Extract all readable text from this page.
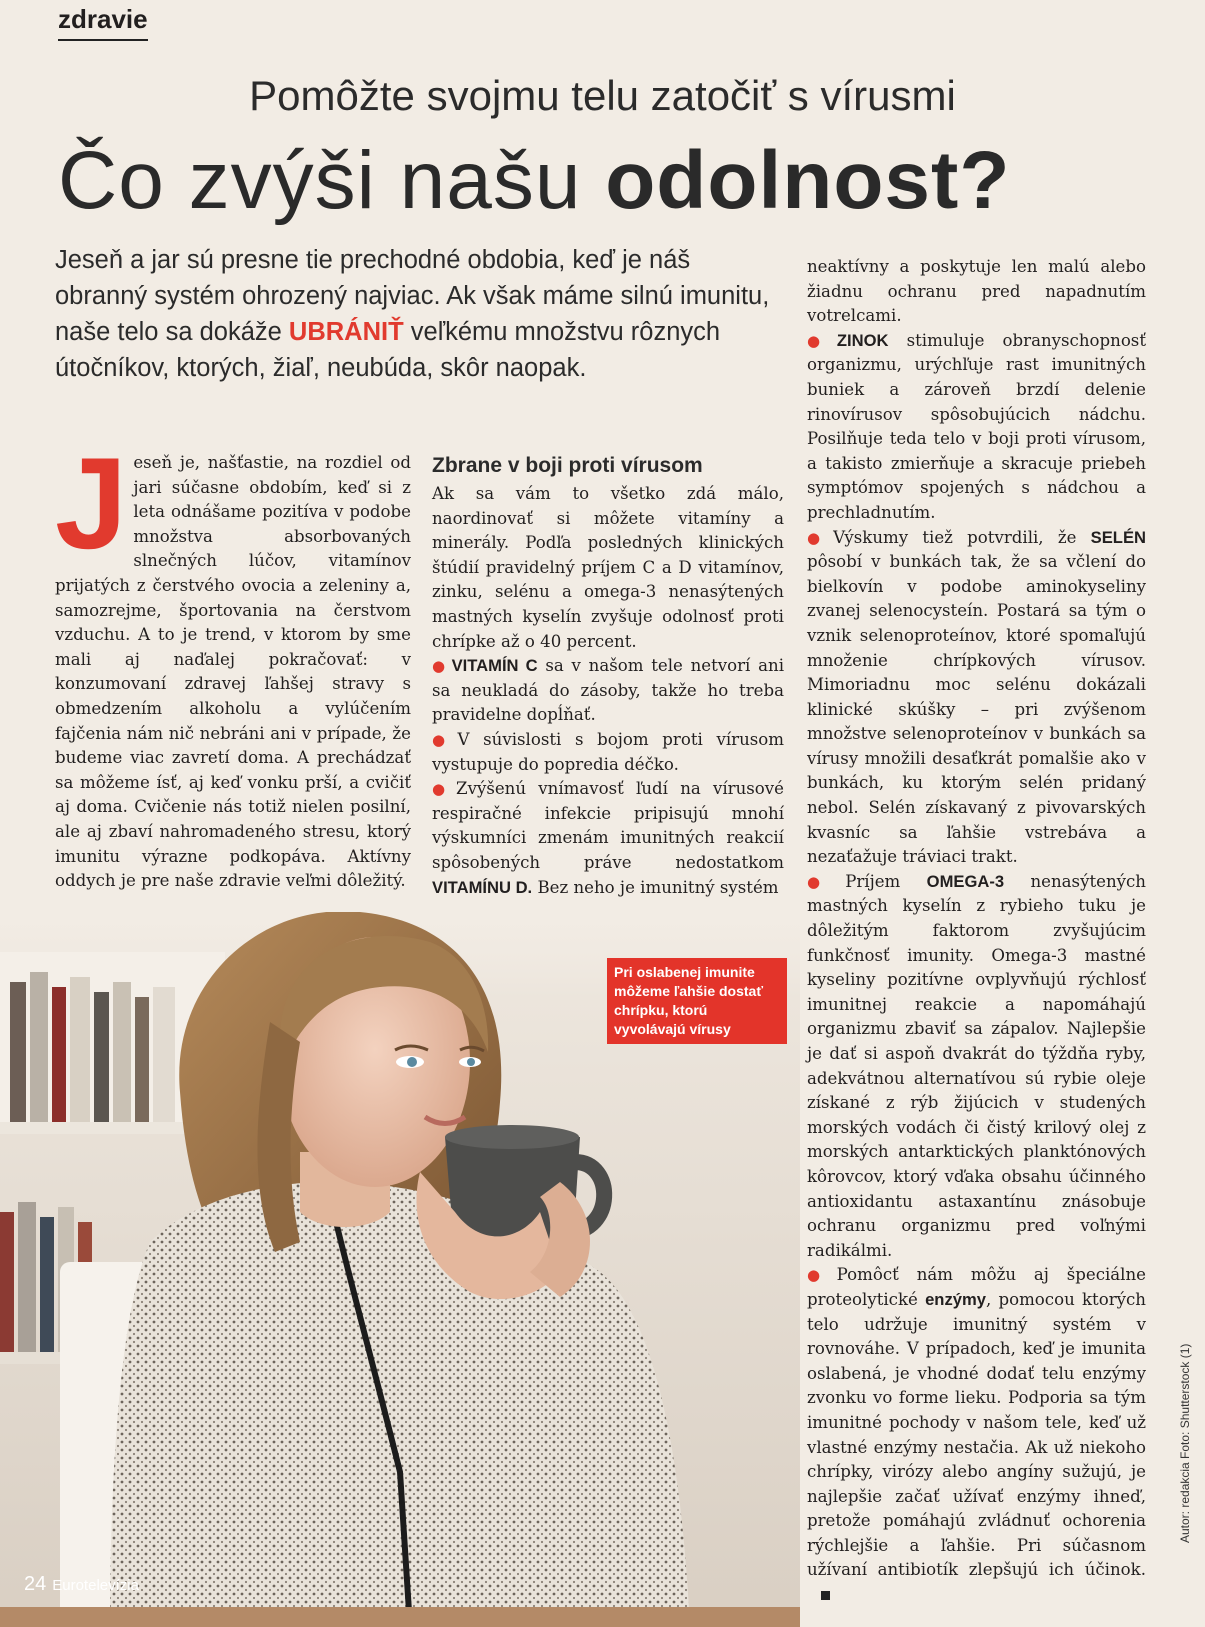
zdravie
Pomôžte svojmu telu zatočiť s vírusmi
Čo zvýši našu odolnost?
Jeseň a jar sú presne tie prechodné obdobia, keď je náš obranný systém ohrozený najviac. Ak však máme silnú imunitu, naše telo sa dokáže UBRÁNIŤ veľkému množstvu rôznych útočníkov, ktorých, žiaľ, neubúda, skôr naopak.

Jeseň je, našťastie, na rozdiel od jari súčasne obdobím, keď si z leta odnášame pozitíva v podobe množstva absorbovaných slnečných lúčov, vitamínov prijatých z čerstvého ovocia a zeleniny a, samozrejme, športovania na čerstvom vzduchu. A to je trend, v ktorom by sme mali aj naďalej pokračovať: v konzumovaní zdravej ľahšej stravy s obmedzením alkoholu a vylúčením fajčenia nám nič nebráni ani v prípade, že budeme viac zavretí doma. A prechádzať sa môžeme ísť, aj keď vonku prší, a cvičiť aj doma. Cvičenie nás totiž nielen posilní, ale aj zbaví nahromadeného stresu, ktorý imunitu výrazne podkopáva. Aktívny oddych je pre naše zdravie veľmi dôležitý.

Zbrane v boji proti vírusom

Ak sa vám to všetko zdá málo, naordinovať si môžete vitamíny a minerály. Podľa posledných klinických štúdií pravidelný príjem C a D vitamínov, zinku, selénu a omega-3 nenasýtených mastných kyselín zvyšuje odolnosť proti chrípke až o 40 percent.

● VITAMÍN C sa v našom tele netvorí ani sa neukladá do zásoby, takže ho treba pravidelne dopĺňať.

● V súvislosti s bojom proti vírusom vystupuje do popredia déčko.

● Zvýšenú vnímavosť ľudí na vírusové respiračné infekcie pripisujú mnohí výskumníci zmenám imunitných reakcií spôsobených práve nedostatkom VITAMÍNU D. Bez neho je imunitný systém

neaktívny a poskytuje len malú alebo žiadnu ochranu pred napadnutím votrelcami.

● ZINOK stimuluje obranyschopnosť organizmu, urýchľuje rast imunitných buniek a zároveň brzdí delenie rinovírusov spôsobujúcich nádchu. Posilňuje teda telo v boji proti vírusom, a takisto zmierňuje a skracuje priebeh symptómov spojených s nádchou a prechladnutím.

● Výskumy tiež potvrdili, že SELÉN pôsobí v bunkách tak, že sa včlení do bielkovín v podobe aminokyseliny zvanej selenocysteín. Postará sa tým o vznik selenoproteínov, ktoré spomaľujú množenie chrípkových vírusov. Mimoriadnu moc selénu dokázali klinické skúšky – pri zvýšenom množstve selenoproteínov v bunkách sa vírusy množili desaťkrát pomalšie ako v bunkách, ku ktorým selén pridaný nebol. Selén získavaný z pivovarských kvasníc sa ľahšie vstrebáva a nezaťažuje tráviaci trakt.

● Príjem OMEGA-3 nenasýtených mastných kyselín z rybieho tuku je dôležitým faktorom zvyšujúcim funkčnosť imunity. Omega-3 mastné kyseliny pozitívne ovplyvňujú rýchlosť imunitnej reakcie a napomáhajú organizmu zbaviť sa zápalov. Najlepšie je dať si aspoň dvakrát do týždňa ryby, adekvátnou alternatívou sú rybie oleje získané z rýb žijúcich v studených morských vodách či čistý krilový olej z morských antarktických planktónových kôrovcov, ktorý vďaka obsahu účinného antioxidantu astaxantínu znásobuje ochranu organizmu pred voľnými radikálmi.

● Pomôcť nám môžu aj špeciálne proteolytické enzýmy, pomocou ktorých telo udržuje imunitný systém v rovnováhe. V prípadoch, keď je imunita oslabená, je vhodné dodať telu enzýmy zvonku vo forme lieku. Podporia sa tým imunitné pochody v našom tele, keď už vlastné enzýmy nestačia. Ak už niekoho chrípky, virózy alebo angíny sužujú, je najlepšie začať užívať enzýmy ihneď, pretože pomáhajú zvládnuť ochorenia rýchlejšie a ľahšie. Pri súčasnom užívaní antibiotík zlepšujú ich účinok.

Pri oslabenej imunite môžeme ľahšie dostať chrípku, ktorú vyvolávajú vírusy
Autor: redakcia Foto: Shutterstock (1)
24 Eurotelevízia
